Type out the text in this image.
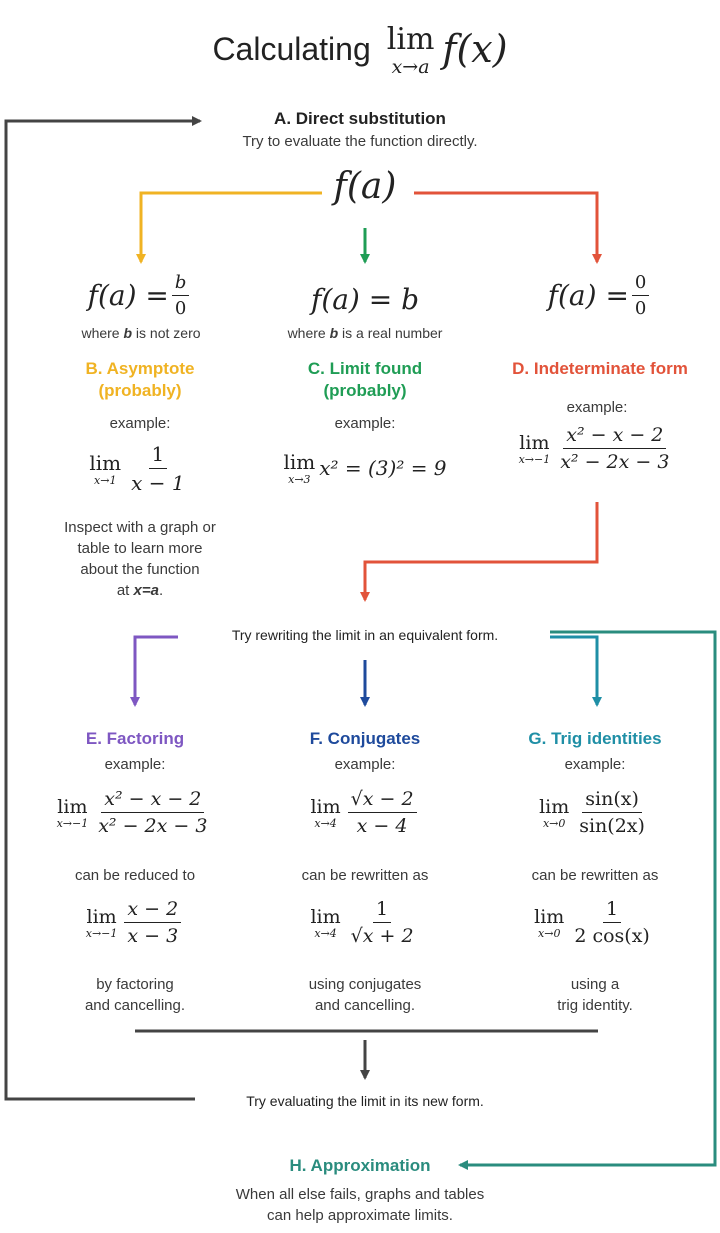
Calculating lim
x→a f(x)
A. Direct substitution
Try to evaluate the function directly.
f(a)
$f(a) = \frac{b}{0}$
where b is not zero
f(a) = b
where b is a real number
$f(a) = \frac{0}{0}$
B. Asymptote
(probably)
example:
lim
$x\to 1 \frac{1}{x - 1}$
Inspect with a graph or
table to learn more
about the function
at x=a.
C. Limit found
(probably)
example:
lim
x→3 x² = (3)² = 9
D. Indeterminate form
example:
lim
$x\to-1 \frac{\text{x² − x − 2}}{\text{x² − 2x − 3}}$
Try rewriting the limit in an equivalent form.
E. Factoring
example:
lim
$x\to-1 \frac{\text{x² − x − 2}}{\text{x² − 2x − 3}}$
can be reduced to
lim
$x\to-1 \frac{x - 2}{x - 3}$
by factoring
and cancelling.
F. Conjugates
example:
lim
$x\to 4 \frac{√x - 2}{x - 4}$
can be rewritten as
lim
$x\to 4 \frac{1}{√x + 2}$
using conjugates
and cancelling.
G. Trig identities
example:
lim
$x\to 0 \frac{\sin(x)}{\sin(2x)}$
can be rewritten as
lim
$x\to 0 \frac{1}{2 \cos(x)}$
using a
trig identity.
Try evaluating the limit in its new form.
H. Approximation
When all else fails, graphs and tables
can help approximate limits.
